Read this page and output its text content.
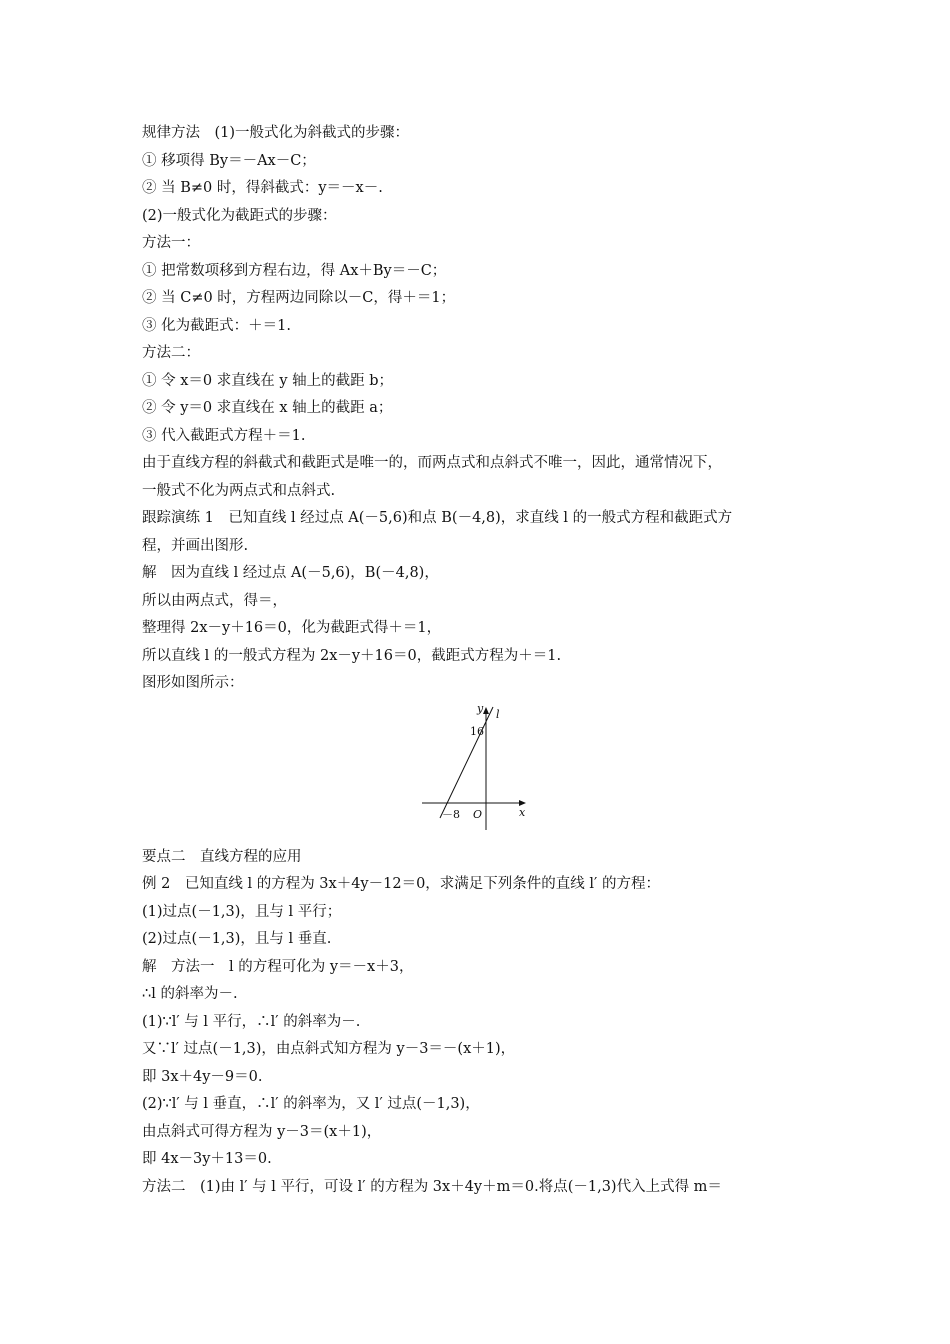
规律方法　(1)一般式化为斜截式的步骤：
① 移项得 By＝－Ax－C；
② 当 B≠0 时，得斜截式：y＝－x－.
(2)一般式化为截距式的步骤：
方法一：
① 把常数项移到方程右边，得 Ax＋By＝－C；
② 当 C≠0 时，方程两边同除以－C，得＋＝1；
③ 化为截距式：＋＝1.
方法二：
① 令 x＝0 求直线在 y 轴上的截距 b；
② 令 y＝0 求直线在 x 轴上的截距 a；
③ 代入截距式方程＋＝1.
由于直线方程的斜截式和截距式是唯一的，而两点式和点斜式不唯一，因此，通常情况下，
一般式不化为两点式和点斜式.
跟踪演练 1　已知直线 l 经过点 A(－5,6)和点 B(－4,8)，求直线 l 的一般式方程和截距式方
程，并画出图形.
解　因为直线 l 经过点 A(－5,6)，B(－4,8)，
所以由两点式，得＝，
整理得 2x－y＋16＝0，化为截距式得＋＝1，
所以直线 l 的一般式方程为 2x－y＋16＝0，截距式方程为＋＝1.
图形如图所示：
y
x
l
16
－8 O
要点二　直线方程的应用
例 2　已知直线 l 的方程为 3x＋4y－12＝0，求满足下列条件的直线 l′ 的方程：
(1)过点(－1,3)，且与 l 平行；
(2)过点(－1,3)，且与 l 垂直.
解　方法一　l 的方程可化为 y＝－x＋3，
∴l 的斜率为－.
(1)∵l′ 与 l 平行，∴l′ 的斜率为－.
又∵l′ 过点(－1,3)，由点斜式知方程为 y－3＝－(x＋1)，
即 3x＋4y－9＝0.
(2)∵l′ 与 l 垂直，∴l′ 的斜率为，又 l′ 过点(－1,3)，
由点斜式可得方程为 y－3＝(x＋1)，
即 4x－3y＋13＝0.
方法二　(1)由 l′ 与 l 平行，可设 l′ 的方程为 3x＋4y＋m＝0.将点(－1,3)代入上式得 m＝
